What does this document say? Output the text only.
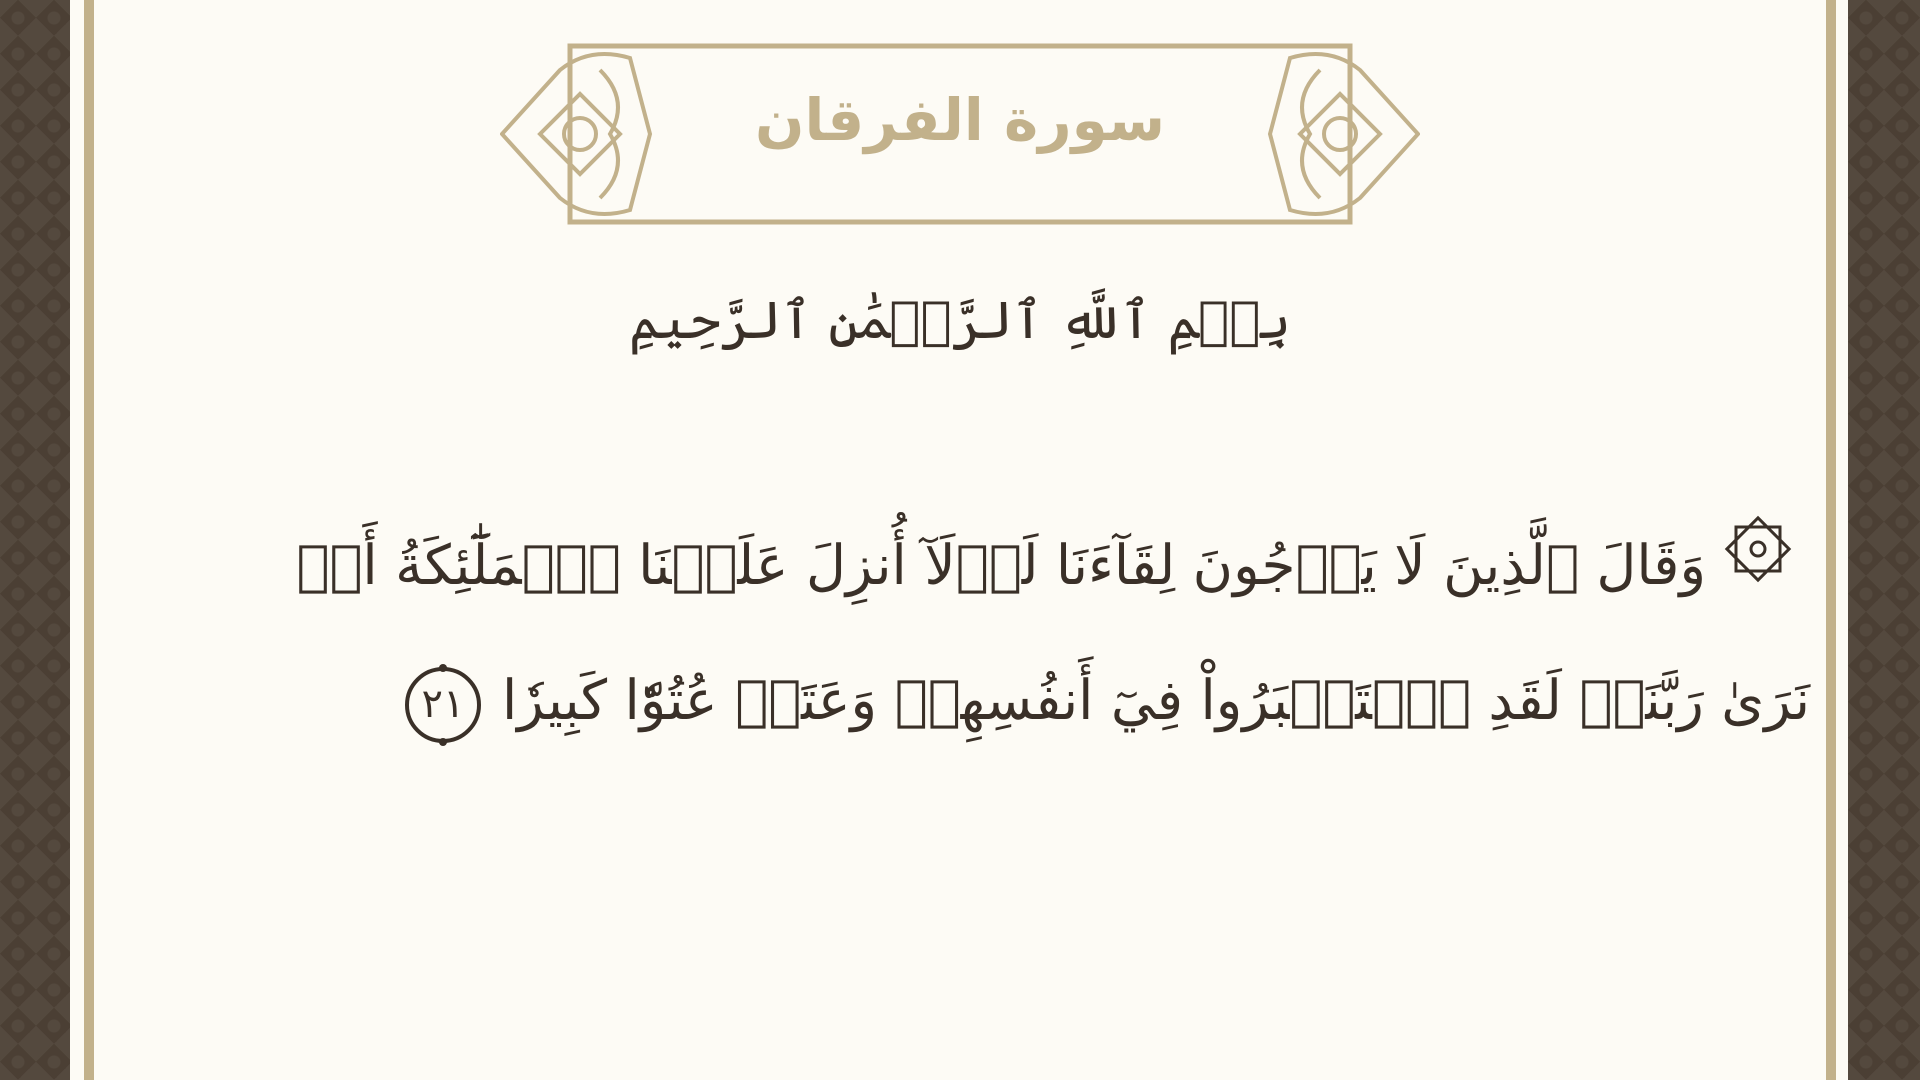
سورة الفرقان
بِسۡمِ ٱللَّهِ ٱلرَّحۡمَٰنِ ٱلرَّحِيمِ
وَقَالَ ٱلَّذِينَ لَا يَرۡجُونَ لِقَآءَنَا لَوۡلَآ أُنزِلَ عَلَيۡنَا ٱلۡمَلَٰٓئِكَةُ أَوۡ
نَرَىٰ رَبَّنَاۗ لَقَدِ ٱسۡتَكۡبَرُواْ فِيٓ أَنفُسِهِمۡ وَعَتَوۡ عُتُوّٗا كَبِيرٗا
٢١
